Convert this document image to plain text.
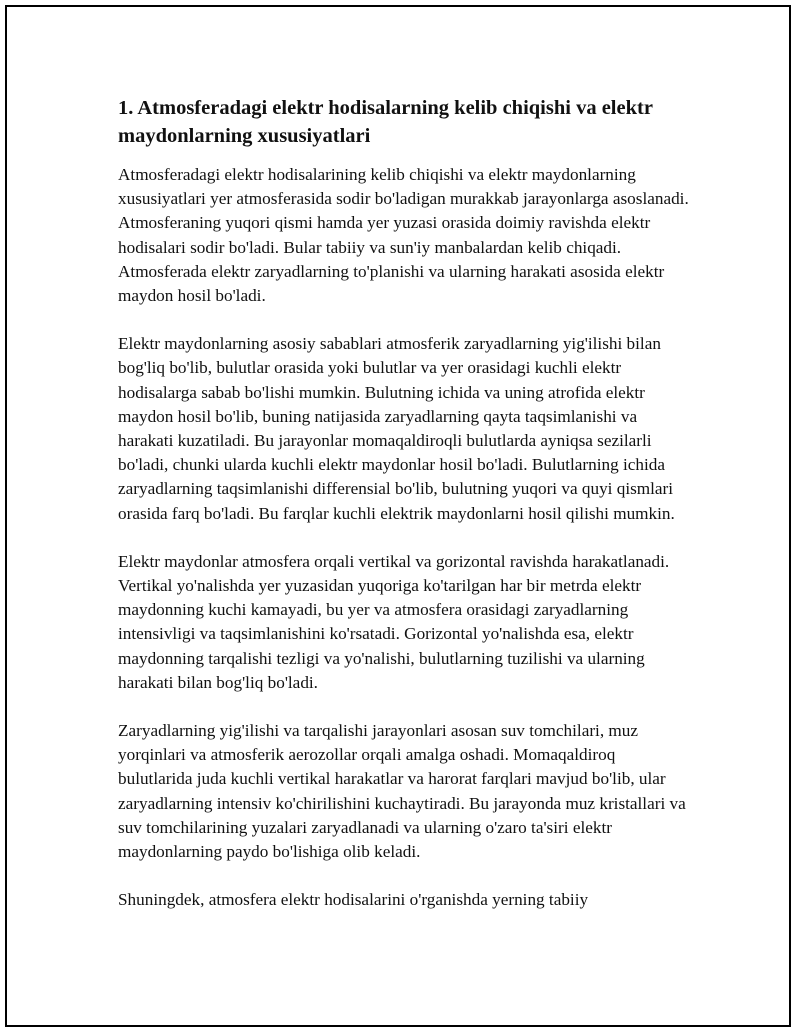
1. Atmosferadagi elektr hodisalarning kelib chiqishi va elektr maydonlarning xususiyatlari

Atmosferadagi elektr hodisalarining kelib chiqishi va elektr maydonlarning xususiyatlari yer atmosferasida sodir bo'ladigan murakkab jarayonlarga asoslanadi. Atmosferaning yuqori qismi hamda yer yuzasi orasida doimiy ravishda elektr hodisalari sodir bo'ladi. Bular tabiiy va sun'iy manbalardan kelib chiqadi. Atmosferada elektr zaryadlarning to'planishi va ularning harakati asosida elektr maydon hosil bo'ladi.

Elektr maydonlarning asosiy sabablari atmosferik zaryadlarning yig'ilishi bilan bog'liq bo'lib, bulutlar orasida yoki bulutlar va yer orasidagi kuchli elektr hodisalarga sabab bo'lishi mumkin. Bulutning ichida va uning atrofida elektr maydon hosil bo'lib, buning natijasida zaryadlarning qayta taqsimlanishi va harakati kuzatiladi. Bu jarayonlar momaqaldiroqli bulutlarda ayniqsa sezilarli bo'ladi, chunki ularda kuchli elektr maydonlar hosil bo'ladi. Bulutlarning ichida zaryadlarning taqsimlanishi differensial bo'lib, bulutning yuqori va quyi qismlari orasida farq bo'ladi. Bu farqlar kuchli elektrik maydonlarni hosil qilishi mumkin.

Elektr maydonlar atmosfera orqali vertikal va gorizontal ravishda harakatlanadi. Vertikal yo'nalishda yer yuzasidan yuqoriga ko'tarilgan har bir metrda elektr maydonning kuchi kamayadi, bu yer va atmosfera orasidagi zaryadlarning intensivligi va taqsimlanishini ko'rsatadi. Gorizontal yo'nalishda esa, elektr maydonning tarqalishi tezligi va yo'nalishi, bulutlarning tuzilishi va ularning harakati bilan bog'liq bo'ladi.

Zaryadlarning yig'ilishi va tarqalishi jarayonlari asosan suv tomchilari, muz yorqinlari va atmosferik aerozollar orqali amalga oshadi. Momaqaldiroq bulutlarida juda kuchli vertikal harakatlar va harorat farqlari mavjud bo'lib, ular zaryadlarning intensiv ko'chirilishini kuchaytiradi. Bu jarayonda muz kristallari va suv tomchilarining yuzalari zaryadlanadi va ularning o'zaro ta'siri elektr maydonlarning paydo bo'lishiga olib keladi.

Shuningdek, atmosfera elektr hodisalarini o'rganishda yerning tabiiy
